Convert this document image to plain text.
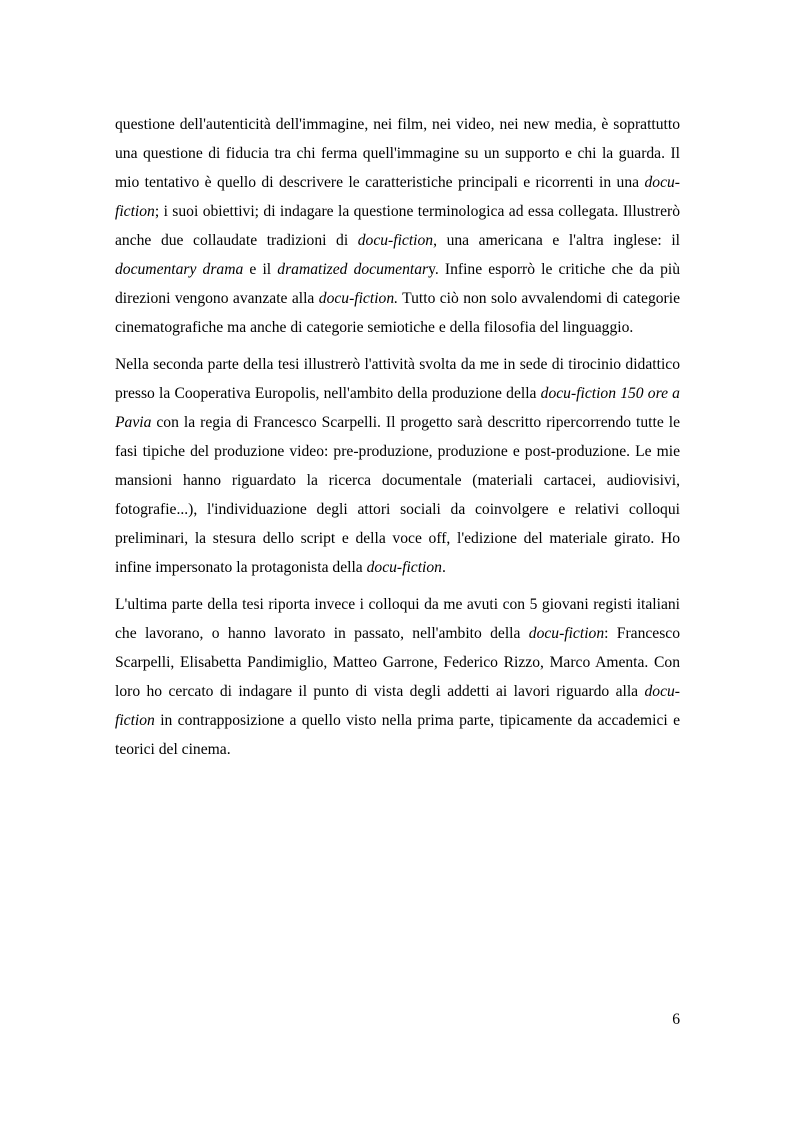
questione dell'autenticità dell'immagine, nei film, nei video, nei new media, è soprattutto una questione di fiducia tra chi ferma quell'immagine su un supporto e chi la guarda. Il mio tentativo è quello di descrivere le caratteristiche principali e ricorrenti in una docu-fiction; i suoi obiettivi; di indagare la questione terminologica ad essa collegata. Illustrerò anche due collaudate tradizioni di docu-fiction, una americana e l'altra inglese: il documentary drama e il dramatized documentary. Infine esporrò le critiche che da più direzioni vengono avanzate alla docu-fiction. Tutto ciò non solo avvalendomi di categorie cinematografiche ma anche di categorie semiotiche e della filosofia del linguaggio.

Nella seconda parte della tesi illustrerò l'attività svolta da me in sede di tirocinio didattico presso la Cooperativa Europolis, nell'ambito della produzione della docu-fiction 150 ore a Pavia con la regia di Francesco Scarpelli. Il progetto sarà descritto ripercorrendo tutte le fasi tipiche del produzione video: pre-produzione, produzione e post-produzione. Le mie mansioni hanno riguardato la ricerca documentale (materiali cartacei, audiovisivi, fotografie...), l'individuazione degli attori sociali da coinvolgere e relativi colloqui preliminari, la stesura dello script e della voce off, l'edizione del materiale girato. Ho infine impersonato la protagonista della docu-fiction.

L'ultima parte della tesi riporta invece i colloqui da me avuti con 5 giovani registi italiani che lavorano, o hanno lavorato in passato, nell'ambito della docu-fiction: Francesco Scarpelli, Elisabetta Pandimiglio, Matteo Garrone, Federico Rizzo, Marco Amenta. Con loro ho cercato di indagare il punto di vista degli addetti ai lavori riguardo alla docu-fiction in contrapposizione a quello visto nella prima parte, tipicamente da accademici e teorici del cinema.

6
